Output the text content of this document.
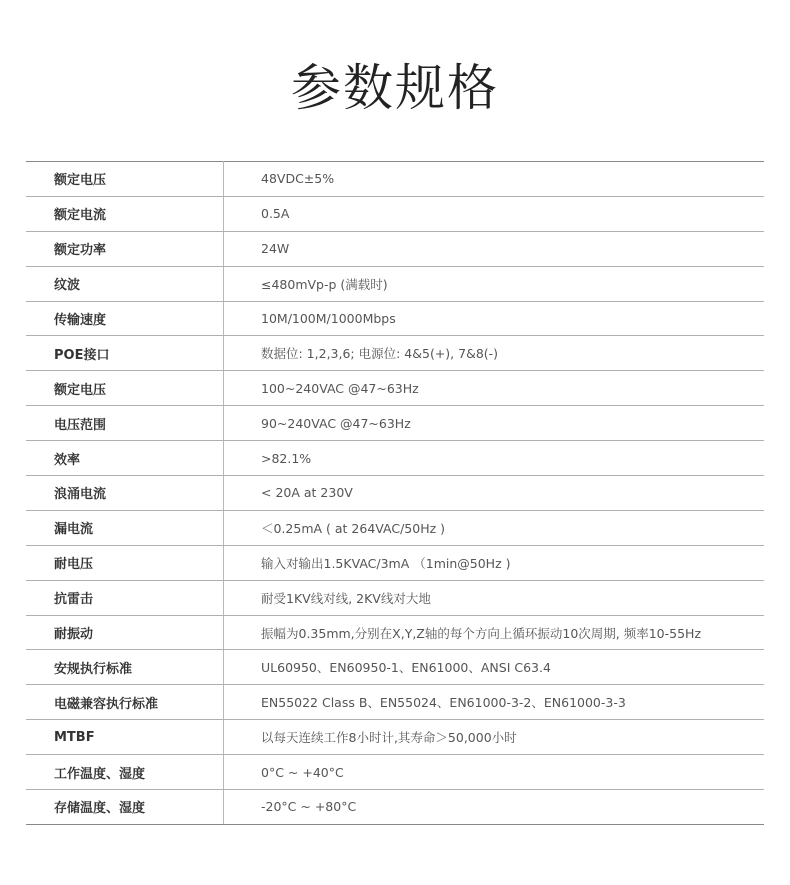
参数规格
额定电压	48VDC±5%
额定电流	0.5A
额定功率	24W
纹波	≤480mVp-p (满载时)
传输速度	10M/100M/1000Mbps
POE接口	数据位: 1,2,3,6; 电源位: 4&5(+), 7&8(-)
额定电压	100~240VAC @47~63Hz
电压范围	90~240VAC @47~63Hz
效率	>82.1%
浪涌电流	< 20A at 230V
漏电流	＜0.25mA ( at 264VAC/50Hz )
耐电压	输入对输出1.5KVAC/3mA （1min@50Hz )
抗雷击	耐受1KV线对线, 2KV线对大地
耐振动	振幅为0.35mm,分别在X,Y,Z轴的每个方向上循环振动10次周期, 频率10-55Hz
安规执行标准	UL60950、EN60950-1、EN61000、ANSI C63.4
电磁兼容执行标准	EN55022 Class B、EN55024、EN61000-3-2、EN61000-3-3
MTBF	以每天连续工作8小时计,其寿命＞50,000小时
工作温度、湿度	0°C ~ +40°C
存储温度、湿度	-20°C ~ +80°C
